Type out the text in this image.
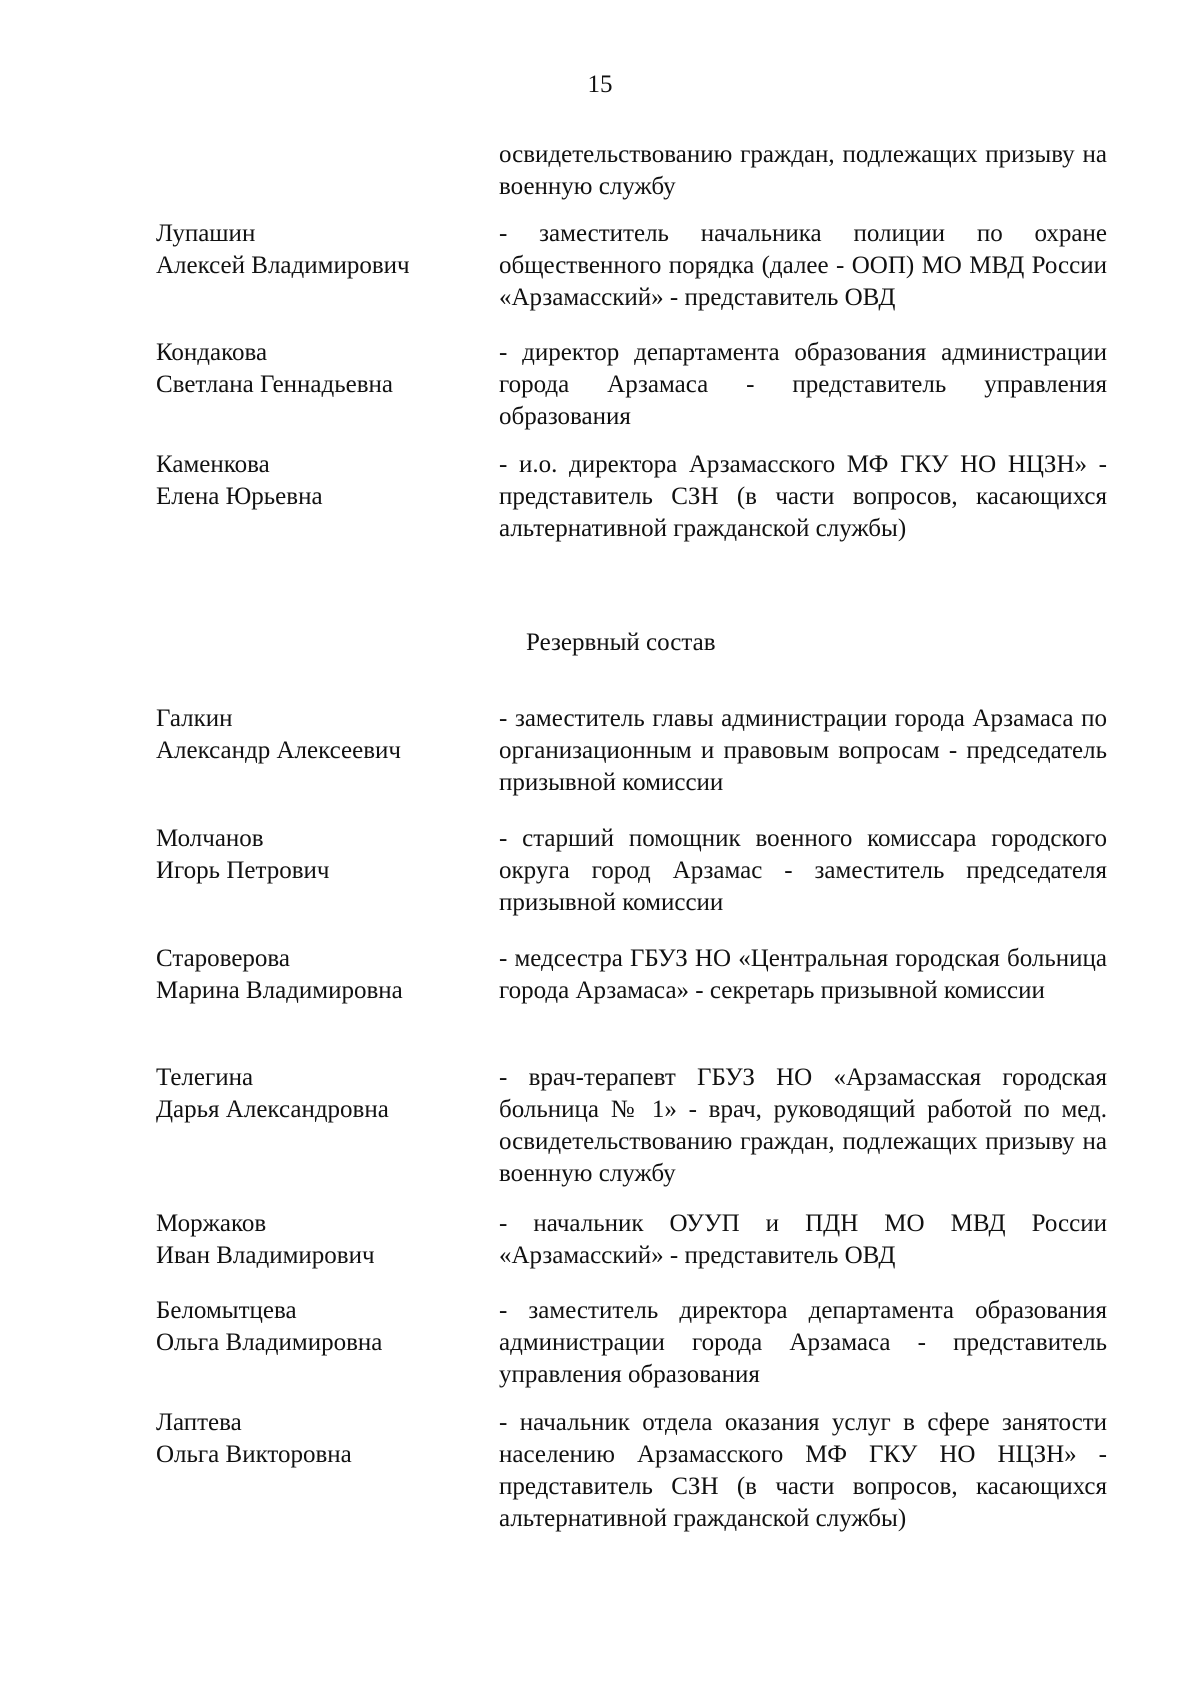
15
освидетельствованию граждан, подлежащих призыву на военную службу
Лупашин
Алексей Владимирович
- заместитель начальника полиции по охране общественного порядка (далее - ООП) МО МВД России «Арзамасский» - представитель ОВД
Кондакова
Светлана Геннадьевна
- директор департамента образования администрации города Арзамаса - представитель управления образования
Каменкова
Елена Юрьевна
- и.о. директора Арзамасского МФ ГКУ НО НЦЗН» - представитель СЗН (в части вопросов, касающихся альтернативной гражданской службы)
Резервный состав
Галкин
Александр Алексеевич
- заместитель главы администрации города Арзамаса по организационным и правовым вопросам - председатель призывной комиссии
Молчанов
Игорь Петрович
- старший помощник военного комиссара городского округа город Арзамас - заместитель председателя призывной комиссии
Староверова
Марина Владимировна
- медсестра ГБУЗ НО «Центральная городская больница города Арзамаса» - секретарь призывной комиссии
Телегина
Дарья Александровна
- врач-терапевт ГБУЗ НО «Арзамасская городская больница № 1» - врач, руководящий работой по мед. освидетельствованию граждан, подлежащих призыву на военную службу
Моржаков
Иван Владимирович
- начальник ОУУП и ПДН МО МВД России «Арзамасский» - представитель ОВД
Беломытцева
Ольга Владимировна
- заместитель директора департамента образования администрации города Арзамаса - представитель управления образования
Лаптева
Ольга Викторовна
- начальник отдела оказания услуг в сфере занятости населению Арзамасского МФ ГКУ НО НЦЗН» - представитель СЗН (в части вопросов, касающихся альтернативной гражданской службы)
